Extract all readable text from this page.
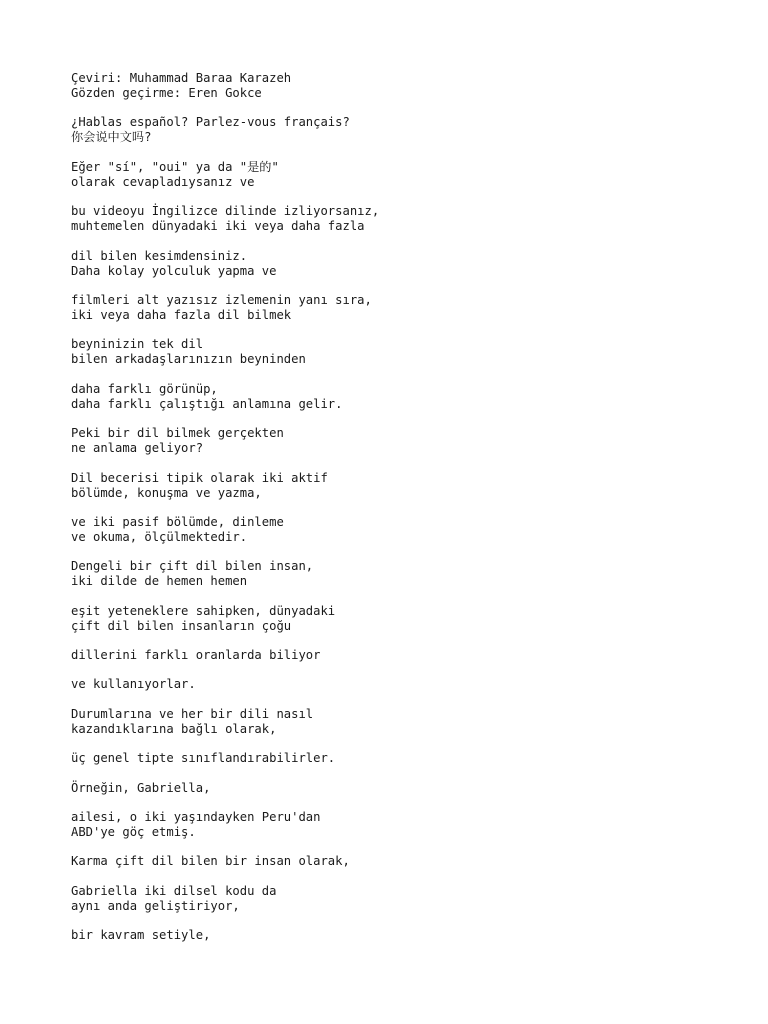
Çeviri: Muhammad Baraa Karazeh
Gözden geçirme: Eren Gokce
¿Hablas español? Parlez-vous français?
你会说中文吗?
Eğer "sí", "oui" ya da "是的"
olarak cevapladıysanız ve
bu videoyu İngilizce dilinde izliyorsanız,
muhtemelen dünyadaki iki veya daha fazla
dil bilen kesimdensiniz.
Daha kolay yolculuk yapma ve
filmleri alt yazısız izlemenin yanı sıra,
iki veya daha fazla dil bilmek
beyninizin tek dil
bilen arkadaşlarınızın beyninden
daha farklı görünüp,
daha farklı çalıştığı anlamına gelir.
Peki bir dil bilmek gerçekten
ne anlama geliyor?
Dil becerisi tipik olarak iki aktif
bölümde, konuşma ve yazma,
ve iki pasif bölümde, dinleme
ve okuma, ölçülmektedir.
Dengeli bir çift dil bilen insan,
iki dilde de hemen hemen
eşit yeteneklere sahipken, dünyadaki
çift dil bilen insanların çoğu
dillerini farklı oranlarda biliyor
ve kullanıyorlar.
Durumlarına ve her bir dili nasıl
kazandıklarına bağlı olarak,
üç genel tipte sınıflandırabilirler.
Örneğin, Gabriella,
ailesi, o iki yaşındayken Peru'dan
ABD'ye göç etmiş.
Karma çift dil bilen bir insan olarak,
Gabriella iki dilsel kodu da
aynı anda geliştiriyor,
bir kavram setiyle,
